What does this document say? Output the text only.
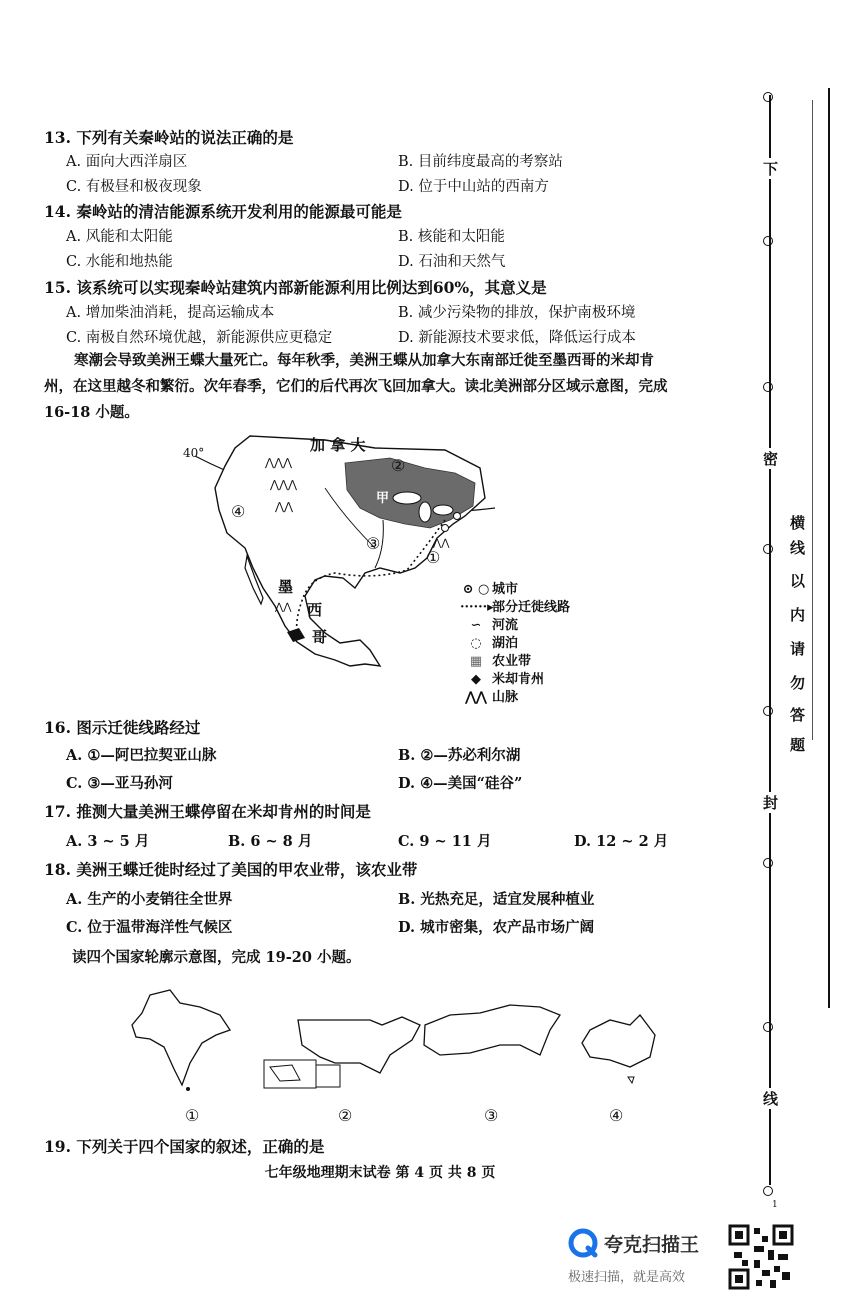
13. 下列有关秦岭站的说法正确的是
A. 面向大西洋扇区	B. 目前纬度最高的考察站
C. 有极昼和极夜现象	D. 位于中山站的西南方
14. 秦岭站的清洁能源系统开发利用的能源最可能是
A. 风能和太阳能	B. 核能和太阳能
C. 水能和地热能	D. 石油和天然气
15. 该系统可以实现秦岭站建筑内部新能源利用比例达到60%，其意义是
A. 增加柴油消耗，提高运输成本	B. 减少污染物的排放，保护南极环境
C. 南极自然环境优越，新能源供应更稳定	D. 新能源技术要求低，降低运行成本
寒潮会导致美洲王蝶大量死亡。每年秋季，美洲王蝶从加拿大东南部迁徙至墨西哥的米却肯
州，在这里越冬和繁衍。次年春季，它们的后代再次飞回加拿大。读北美洲部分区域示意图，完成
16-18 小题。
⋀⋀⋀
⋀⋀⋀
⋀⋀
⋀⋀
⋀⋀
加 拿 大
40°
甲
①
②
③
④
墨
西
哥
⊙ ○ 城市
······▸部分迁徙线路
∽ 河流
◌ 湖泊
▦ 农业带
◆ 米却肯州
⋀⋀ 山脉
16. 图示迁徙线路经过
A. ①—阿巴拉契亚山脉	B. ②—苏必利尔湖
C. ③—亚马孙河	D. ④—美国“硅谷”
17. 推测大量美洲王蝶停留在米却肯州的时间是
A. 3 ~ 5 月	B. 6 ~ 8 月	C. 9 ~ 11 月	D. 12 ~ 2 月
18. 美洲王蝶迁徙时经过了美国的甲农业带，该农业带
A. 生产的小麦销往全世界	B. 光热充足，适宜发展种植业
C. 位于温带海洋性气候区	D. 城市密集，农产品市场广阔
读四个国家轮廓示意图，完成 19-20 小题。
①	②	③	④
19. 下列关于四个国家的叙述，正确的是
七年级地理期末试卷 第 4 页 共 8 页
下
密
横
线
以
内
请
勿
答
题
封
线
1
夸克扫描王
极速扫描，就是高效
